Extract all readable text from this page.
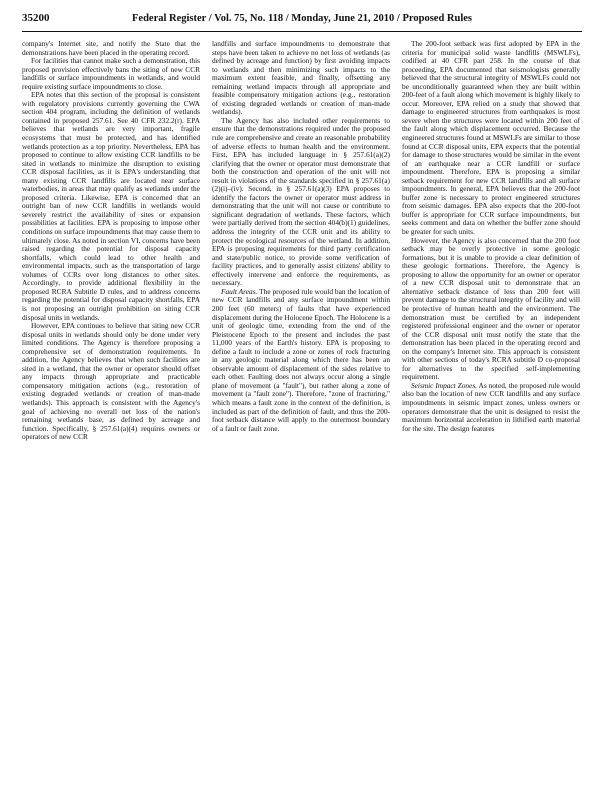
35200	Federal Register / Vol. 75, No. 118 / Monday, June 21, 2010 / Proposed Rules

company's Internet site, and notify the State that the demonstrations have been placed in the operating record.

For facilities that cannot make such a demonstration, this proposed provision effectively bans the siting of new CCR landfills or surface impoundments in wetlands, and would require existing surface impoundments to close.

EPA notes that this section of the proposal is consistent with regulatory provisions currently governing the CWA section 404 program, including the definition of wetlands contained in proposed 257.61. See 40 CFR 232.2(r). EPA believes that wetlands are very important, fragile ecosystems that must be protected, and has identified wetlands protection as a top priority. Nevertheless, EPA has proposed to continue to allow existing CCR landfills to be sited in wetlands to minimize the disruption to existing CCR disposal facilities, as it is EPA's understanding that many existing CCR landfills are located near surface waterbodies, in areas that may qualify as wetlands under the proposed criteria. Likewise, EPA is concerned that an outright ban of new CCR landfills in wetlands would severely restrict the availability of sites or expansion possibilities at facilities. EPA is proposing to impose other conditions on surface impoundments that may cause them to ultimately close. As noted in section VI, concerns have been raised regarding the potential for disposal capacity shortfalls, which could lead to other health and environmental impacts, such as the transportation of large volumes of CCRs over long distances to other sites. Accordingly, to provide additional flexibility in the proposed RCRA Subtitle D rules, and to address concerns regarding the potential for disposal capacity shortfalls, EPA is not proposing an outright prohibition on siting CCR disposal units in wetlands.

However, EPA continues to believe that siting new CCR disposal units in wetlands should only be done under very limited conditions. The Agency is therefore proposing a comprehensive set of demonstration requirements. In addition, the Agency believes that when such facilities are sited in a wetland, that the owner or operator should offset any impacts through appropriate and practicable compensatory mitigation actions (e.g., restoration of existing degraded wetlands or creation of man-made wetlands). This approach is consistent with the Agency's goal of achieving no overall net loss of the nation's remaining wetlands base, as defined by acreage and function. Specifically, § 257.61(a)(4) requires owners or operators of new CCR

landfills and surface impoundments to demonstrate that steps have been taken to achieve no net loss of wetlands (as defined by acreage and function) by first avoiding impacts to wetlands and then minimizing such impacts to the maximum extent feasible, and finally, offsetting any remaining wetland impacts through all appropriate and feasible compensatory mitigation actions (e.g., restoration of existing degraded wetlands or creation of man-made wetlands).

The Agency has also included other requirements to ensure that the demonstrations required under the proposed rule are comprehensive and create an reasonable probability of adverse effects to human health and the environment. First, EPA has included language in § 257.61(a)(2) clarifying that the owner or operator must demonstrate that both the construction and operation of the unit will not result in violations of the standards specified in § 257.61(a)(2)(i)–(iv). Second, in § 257.61(a)(3) EPA proposes to identify the factors the owner or operator must address in demonstrating that the unit will not cause or contribute to significant degradation of wetlands. These factors, which were partially derived from the section 404(b)(1) guidelines, address the integrity of the CCR unit and its ability to protect the ecological resources of the wetland. In addition, EPA is proposing requirements for third party certification and state/public notice, to provide some verification of facility practices, and to generally assist citizens' ability to effectively intervene and enforce the requirements, as necessary.

Fault Areas. The proposed rule would ban the location of new CCR landfills and any surface impoundment within 200 feet (60 meters) of faults that have experienced displacement during the Holocene Epoch. The Holocene is a unit of geologic time, extending from the end of the Pleistocene Epoch to the present and includes the past 11,000 years of the Earth's history. EPA is proposing to define a fault to include a zone or zones of rock fracturing in any geologic material along which there has been an observable amount of displacement of the sides relative to each other. Faulting does not always occur along a single plane of movement (a "fault"), but rather along a zone of movement (a "fault zone"). Therefore, "zone of fracturing," which means a fault zone in the context of the definition, is included as part of the definition of fault, and thus the 200-foot setback distance will apply to the outermost boundary of a fault or fault zone.

The 200-foot setback was first adopted by EPA in the criteria for municipal solid waste landfills (MSWLFs), codified at 40 CFR part 258. In the course of that proceeding, EPA documented that seismologists generally believed that the structural integrity of MSWLFs could not be unconditionally guaranteed when they are built within 200-feet of a fault along which movement is highly likely to occur. Moreover, EPA relied on a study that showed that damage to engineered structures from earthquakes is most severe when the structures were located within 200 feet of the fault along which displacement occurred. Because the engineered structures found at MSWLFs are similar to those found at CCR disposal units, EPA expects that the potential for damage to those structures would be similar in the event of an earthquake near a CCR landfill or surface impoundment. Therefore, EPA is proposing a similar setback requirement for new CCR landfills and all surface impoundments. In general, EPA believes that the 200-foot buffer zone is necessary to protect engineered structures from seismic damages. EPA also expects that the 200-foot buffer is appropriate for CCR surface impoundments, but seeks comment and data on whether the buffer zone should be greater for such units.

However, the Agency is also concerned that the 200 foot setback may be overly protective in some geologic formations, but it is unable to provide a clear definition of these geologic formations. Therefore, the Agency is proposing to allow the opportunity for an owner or operator of a new CCR disposal unit to demonstrate that an alternative setback distance of less than 200 feet will prevent damage to the structural integrity of facility and will be protective of human health and the environment. The demonstration must be certified by an independent registered professional engineer and the owner or operator of the CCR disposal unit must notify the state that the demonstration has been placed in the operating record and on the company's Internet site. This approach is consistent with other sections of today's RCRA subtitle D co-proposal for alternatives to the specified self-implementing requirement.

Seismic Impact Zones. As noted, the proposed rule would also ban the location of new CCR landfills and any surface impoundments in seismic impact zones, unless owners or operators demonstrate that the unit is designed to resist the maximum horizontal acceleration in lithified earth material for the site. The design features
